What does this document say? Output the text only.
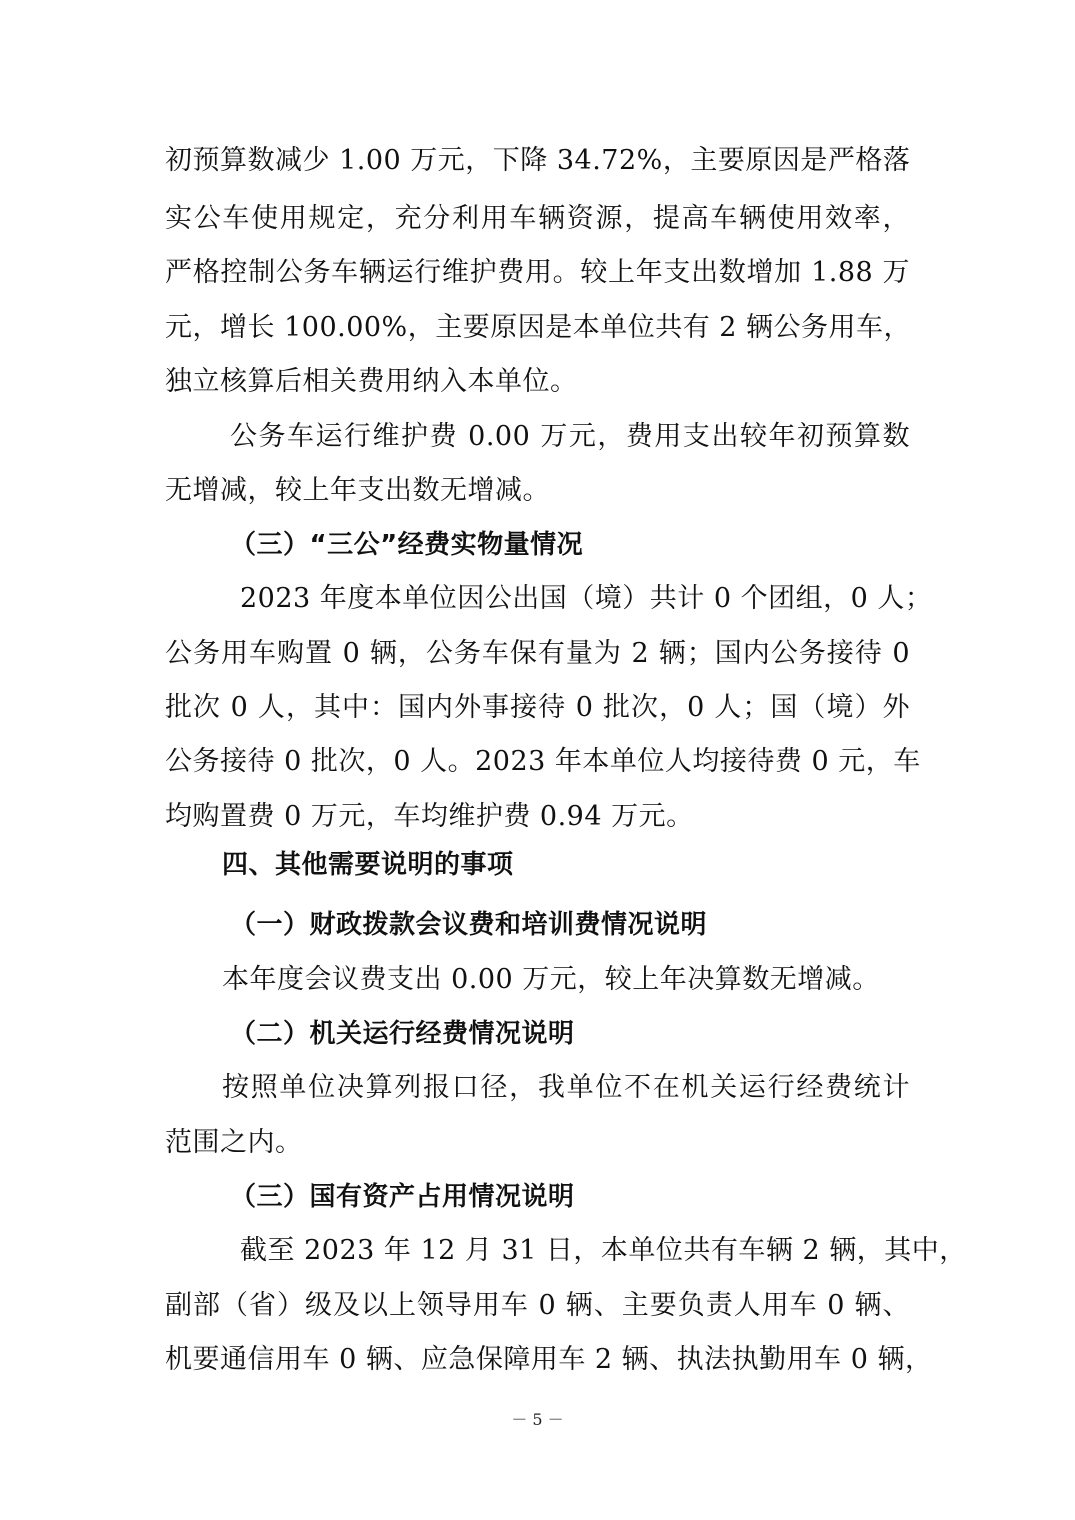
初预算数减少 1.00 万元，下降 34.72%，主要原因是严格落
实公车使用规定，充分利用车辆资源，提高车辆使用效率，
严格控制公务车辆运行维护费用。较上年支出数增加 1.88 万
元，增长 100.00%，主要原因是本单位共有 2 辆公务用车，
独立核算后相关费用纳入本单位。
公务车运行维护费 0.00 万元，费用支出较年初预算数
无增减，较上年支出数无增减。
（三）“三公”经费实物量情况
2023 年度本单位因公出国（境）共计 0 个团组，0 人；
公务用车购置 0 辆，公务车保有量为 2 辆；国内公务接待 0
批次 0 人，其中：国内外事接待 0 批次，0 人；国（境）外
公务接待 0 批次，0 人。2023 年本单位人均接待费 0 元，车
均购置费 0 万元，车均维护费 0.94 万元。
四、其他需要说明的事项
（一）财政拨款会议费和培训费情况说明
本年度会议费支出 0.00 万元，较上年决算数无增减。
（二）机关运行经费情况说明
按照单位决算列报口径，我单位不在机关运行经费统计
范围之内。
（三）国有资产占用情况说明
截至 2023 年 12 月 31 日，本单位共有车辆 2 辆，其中，
副部（省）级及以上领导用车 0 辆、主要负责人用车 0 辆、
机要通信用车 0 辆、应急保障用车 2 辆、执法执勤用车 0 辆，
－ 5 －
